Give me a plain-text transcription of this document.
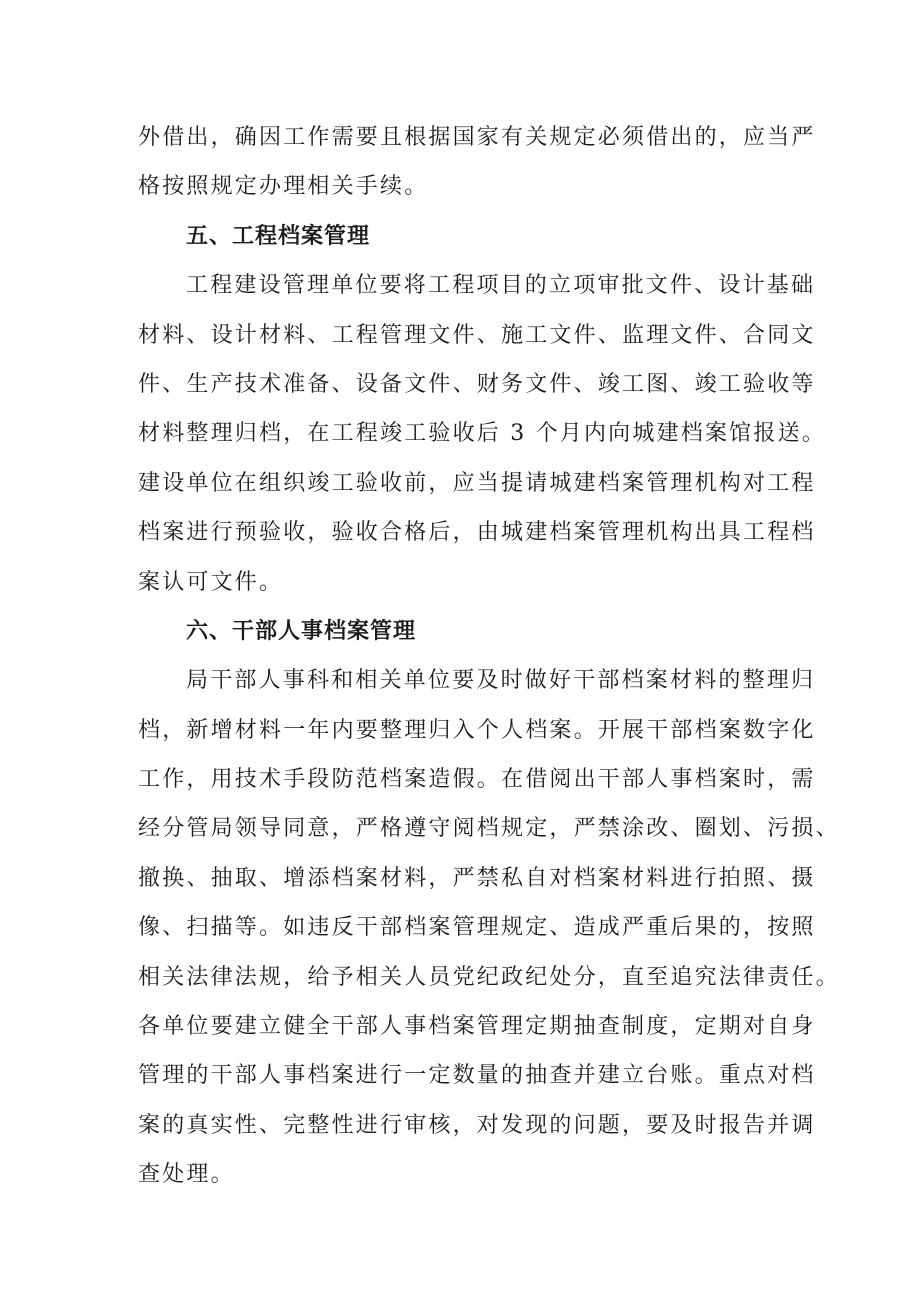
外借出，确因工作需要且根据国家有关规定必须借出的，应当严
格按照规定办理相关手续。
五、工程档案管理
工程建设管理单位要将工程项目的立项审批文件、设计基础
材料、设计材料、工程管理文件、施工文件、监理文件、合同文
件、生产技术准备、设备文件、财务文件、竣工图、竣工验收等
材料整理归档，在工程竣工验收后 3 个月内向城建档案馆报送。
建设单位在组织竣工验收前，应当提请城建档案管理机构对工程
档案进行预验收，验收合格后，由城建档案管理机构出具工程档
案认可文件。
六、干部人事档案管理
局干部人事科和相关单位要及时做好干部档案材料的整理归
档，新增材料一年内要整理归入个人档案。开展干部档案数字化
工作，用技术手段防范档案造假。在借阅出干部人事档案时，需
经分管局领导同意，严格遵守阅档规定，严禁涂改、圈划、污损、
撤换、抽取、增添档案材料，严禁私自对档案材料进行拍照、摄
像、扫描等。如违反干部档案管理规定、造成严重后果的，按照
相关法律法规，给予相关人员党纪政纪处分，直至追究法律责任。
各单位要建立健全干部人事档案管理定期抽查制度，定期对自身
管理的干部人事档案进行一定数量的抽查并建立台账。重点对档
案的真实性、完整性进行审核，对发现的问题，要及时报告并调
查处理。
